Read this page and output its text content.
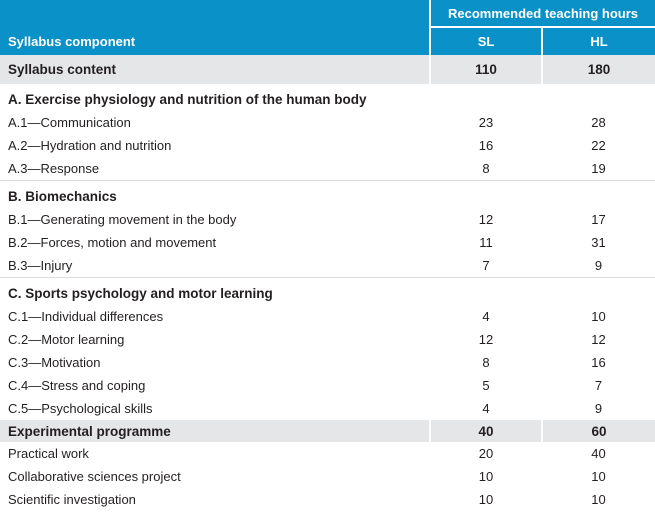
Syllabus component	Recommended teaching hours	
	SL	HL
Syllabus content	110	180
A. Exercise physiology and nutrition of the human body		
A.1—Communication	23	28
A.2—Hydration and nutrition	16	22
A.3—Response	8	19

B. Biomechanics		
B.1—Generating movement in the body	12	17
B.2—Forces, motion and movement	11	31
B.3—Injury	7	9

C. Sports psychology and motor learning		
C.1—Individual differences	4	10
C.2—Motor learning	12	12
C.3—Motivation	8	16
C.4—Stress and coping	5	7
C.5—Psychological skills	4	9
Experimental programme	40	60
Practical work	20	40
Collaborative sciences project	10	10
Scientific investigation	10	10
